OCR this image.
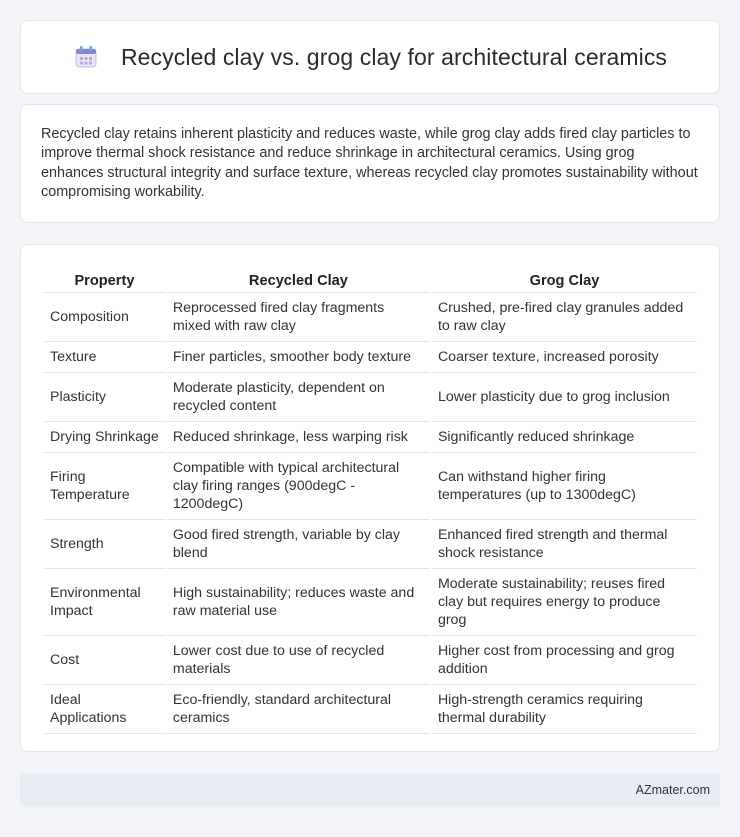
Recycled clay vs. grog clay for architectural ceramics

Recycled clay retains inherent plasticity and reduces waste, while grog clay adds fired clay particles to improve thermal shock resistance and reduce shrinkage in architectural ceramics. Using grog enhances structural integrity and surface texture, whereas recycled clay promotes sustainability without compromising workability.

Property	Recycled Clay	Grog Clay
Composition	Reprocessed fired clay fragments mixed with raw clay	Crushed, pre-fired clay granules added to raw clay
Texture	Finer particles, smoother body texture	Coarser texture, increased porosity
Plasticity	Moderate plasticity, dependent on recycled content	Lower plasticity due to grog inclusion
Drying Shrinkage	Reduced shrinkage, less warping risk	Significantly reduced shrinkage
Firing Temperature	Compatible with typical architectural clay firing ranges (900degC - 1200degC)	Can withstand higher firing temperatures (up to 1300degC)
Strength	Good fired strength, variable by clay blend	Enhanced fired strength and thermal shock resistance
Environmental Impact	High sustainability; reduces waste and raw material use	Moderate sustainability; reuses fired clay but requires energy to produce grog
Cost	Lower cost due to use of recycled materials	Higher cost from processing and grog addition
Ideal Applications	Eco-friendly, standard architectural ceramics	High-strength ceramics requiring thermal durability
AZmater.com
